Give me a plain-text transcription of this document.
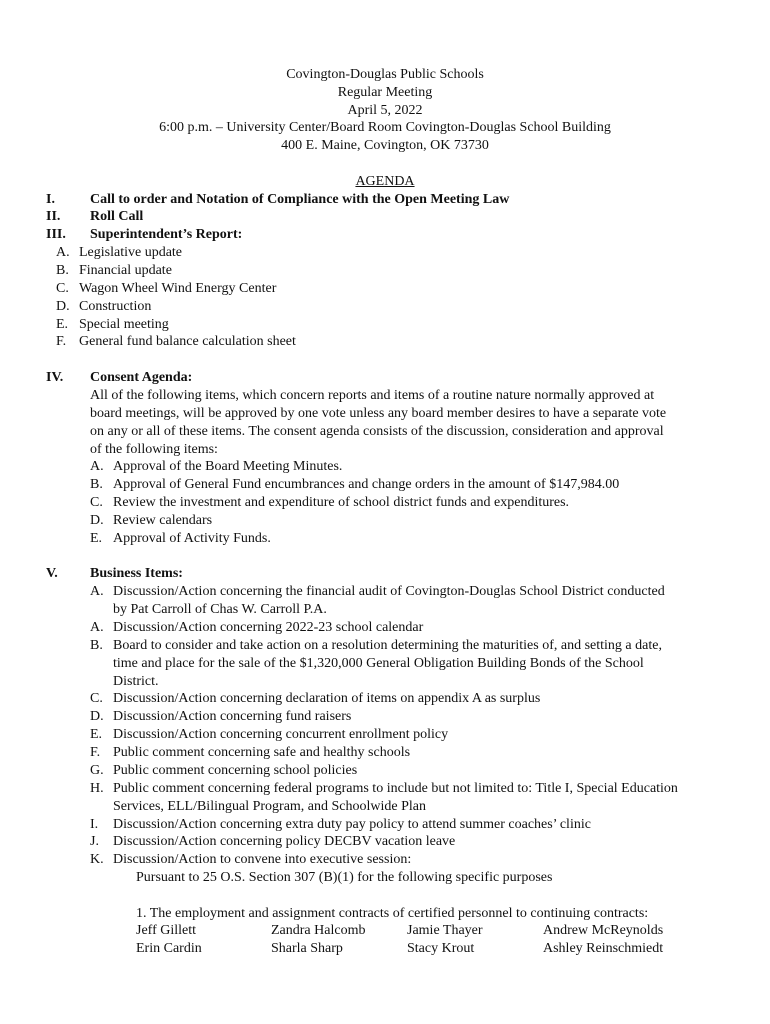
Covington-Douglas Public Schools
Regular Meeting
April 5, 2022
6:00 p.m. – University Center/Board Room Covington-Douglas School Building
400 E. Maine, Covington, OK 73730
AGENDA
I.	Call to order and Notation of Compliance with the Open Meeting Law
II. Roll Call
III. Superintendent’s Report:
A. Legislative update
B. Financial update
C. Wagon Wheel Wind Energy Center
D. Construction
E. Special meeting
F. General fund balance calculation sheet
IV. Consent Agenda:
All of the following items, which concern reports and items of a routine nature normally approved at
board meetings, will be approved by one vote unless any board member desires to have a separate vote
on any or all of these items. The consent agenda consists of the discussion, consideration and approval
of the following items:
A. Approval of the Board Meeting Minutes.
B. Approval of General Fund encumbrances and change orders in the amount of $147,984.00
C. Review the investment and expenditure of school district funds and expenditures.
D. Review calendars
E. Approval of Activity Funds.
V. Business Items:
A. Discussion/Action concerning the financial audit of Covington-Douglas School District conducted
by Pat Carroll of Chas W. Carroll P.A.
A. Discussion/Action concerning 2022-23 school calendar
B. Board to consider and take action on a resolution determining the maturities of, and setting a date,
time and place for the sale of the $1,320,000 General Obligation Building Bonds of the School
District.
C. Discussion/Action concerning declaration of items on appendix A as surplus
D. Discussion/Action concerning fund raisers
E. Discussion/Action concerning concurrent enrollment policy
F. Public comment concerning safe and healthy schools
G. Public comment concerning school policies
H. Public comment concerning federal programs to include but not limited to: Title I, Special Education
Services, ELL/Bilingual Program, and Schoolwide Plan
I.	Discussion/Action concerning extra duty pay policy to attend summer coaches’ clinic
J.	Discussion/Action concerning policy DECBV vacation leave
K. Discussion/Action to convene into executive session:
Pursuant to 25 O.S. Section 307 (B)(1) for the following specific purposes
1. The employment and assignment contracts of certified personnel to continuing contracts:
Jeff Gillett	Zandra Halcomb	Jamie Thayer	Andrew McReynolds
Erin Cardin	Sharla Sharp	Stacy Krout	Ashley Reinschmiedt
